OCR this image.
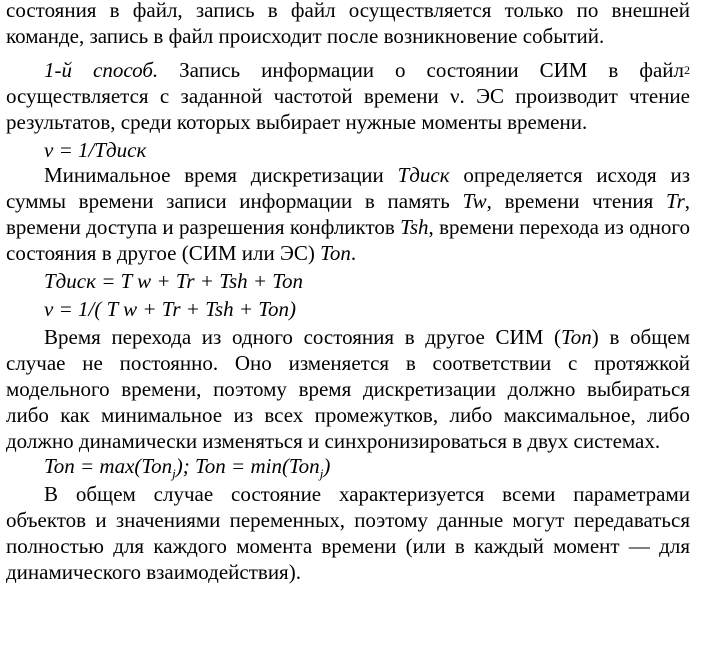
состояния в файл, запись в файл осуществляется только по внешней команде, запись в файл происходит после возникновение событий.

1-й способ. Запись информации о состоянии СИМ в файл$^2$ осуществляется с заданной частотой времени ν. ЭС производит чтение результатов, среди которых выбирает нужные моменты времени.

ν = 1/Тдиск

Минимальное время дискретизации Тдиск определяется исходя из суммы времени записи информации в память Tw, времени чтения Tr, времени доступа и разрешения конфликтов Tsh, времени перехода из одного состояния в другое (СИМ или ЭС) Ton.

Тдиск = T w + Tr + Tsh + Ton

ν = 1/( T w + Tr + Tsh + Ton)

Время перехода из одного состояния в другое СИМ (Ton) в общем случае не постоянно. Оно изменяется в соответствии с протяжкой модельного времени, поэтому время дискретизации должно выбираться либо как минимальное из всех промежутков, либо максимальное, либо должно динамически изменяться и синхронизироваться в двух системах.

Ton = max(Ton$_j$); Ton = min(Ton$_j$)

В общем случае состояние характеризуется всеми параметрами объектов и значениями переменных, поэтому данные могут передаваться полностью для каждого момента времени (или в каждый момент — для динамического взаимодействия).
